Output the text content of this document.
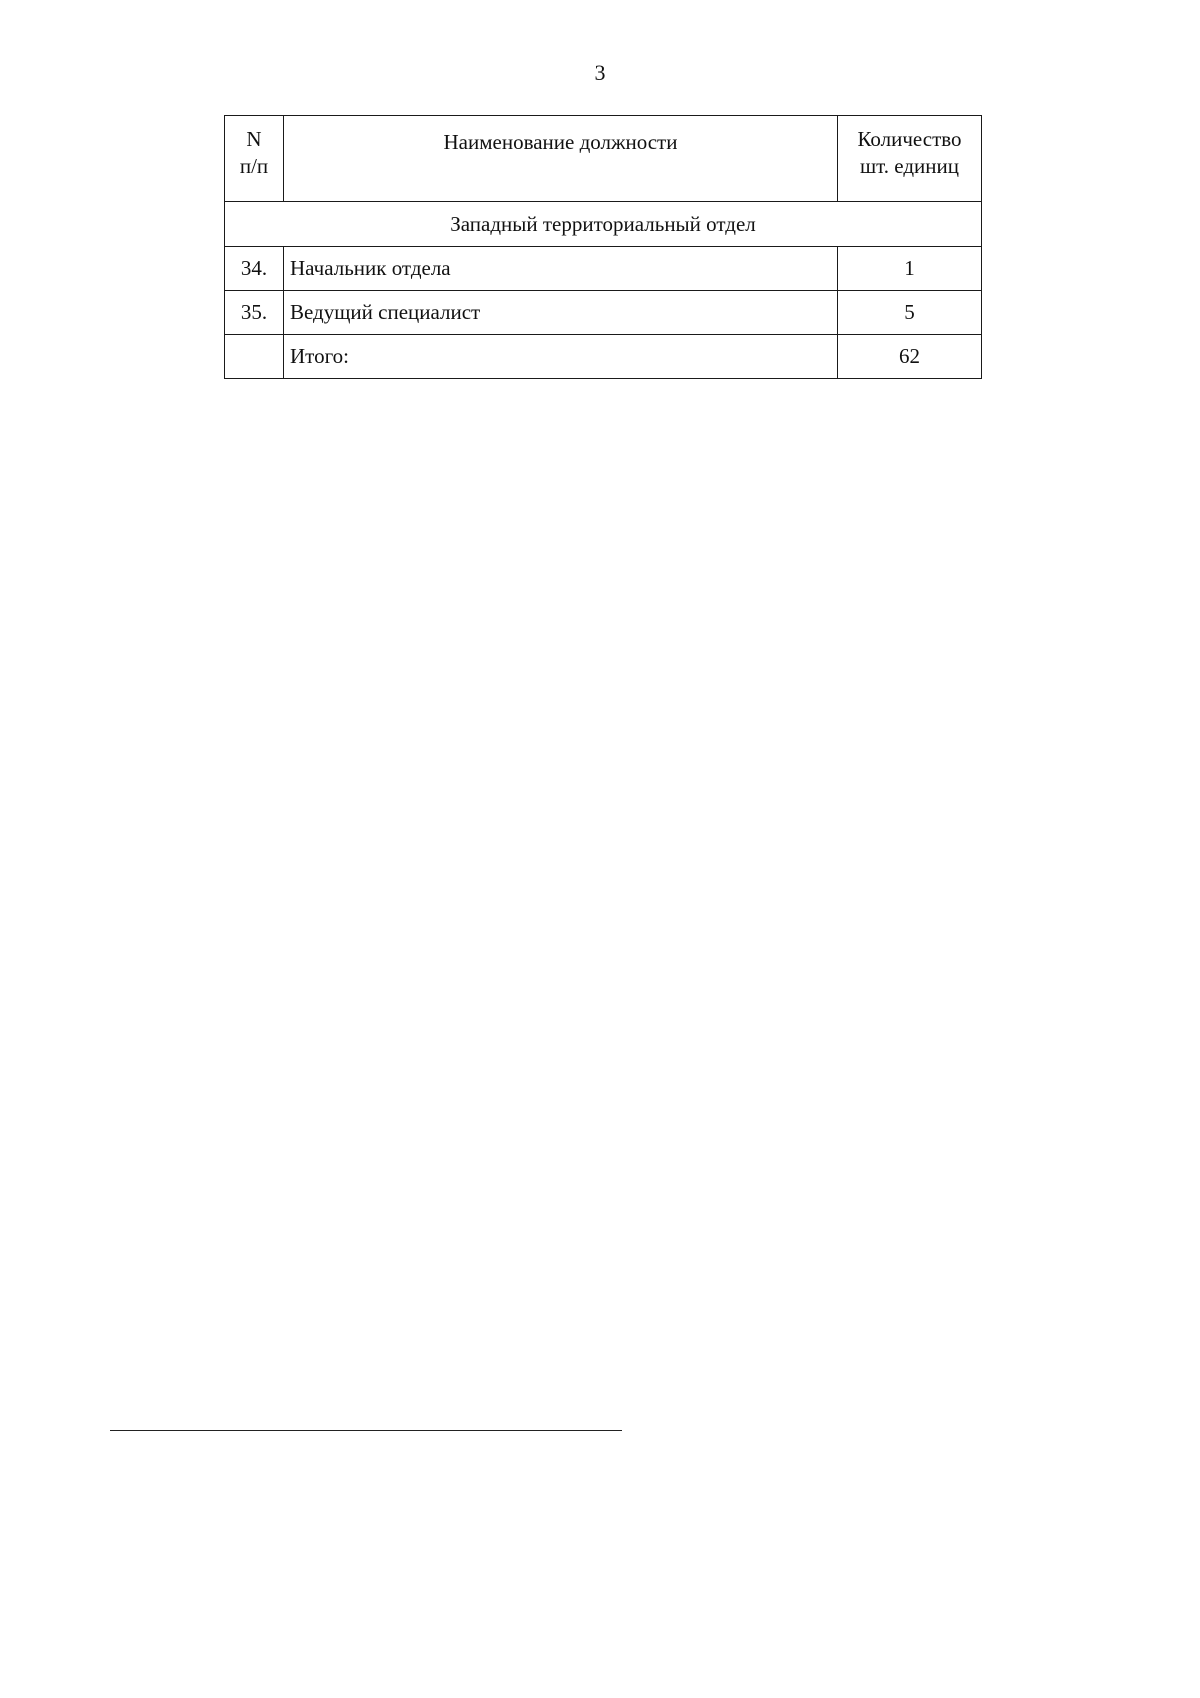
3
N
п/п	Наименование должности	Количество
шт. единиц

Западный территориальный отдел		
34.	Начальник отдела	1
35.	Ведущий специалист	5
	Итого:	62
